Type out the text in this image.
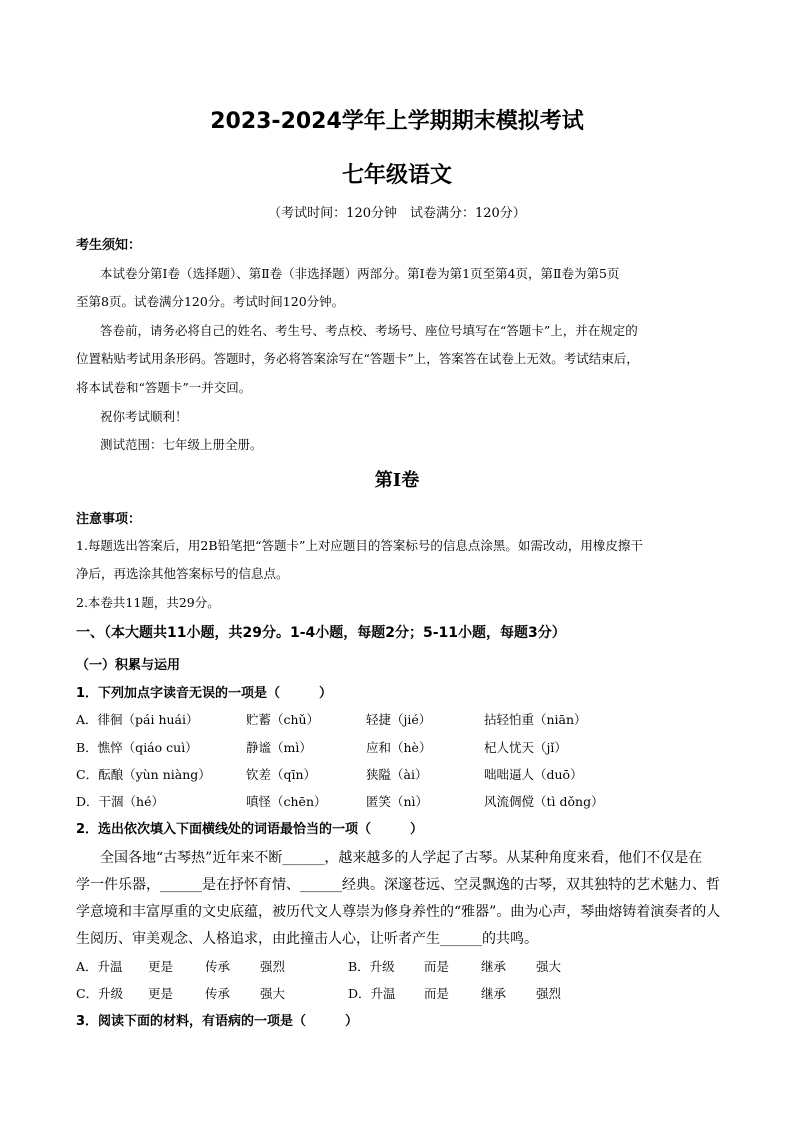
2023-2024学年上学期期末模拟考试
七年级语文
（考试时间：120分钟　试卷满分：120分）
考生须知：
本试卷分第Ⅰ卷（选择题）、第Ⅱ卷（非选择题）两部分。第Ⅰ卷为第1页至第4页，第Ⅱ卷为第5页
至第8页。试卷满分120分。考试时间120分钟。
答卷前，请务必将自己的姓名、考生号、考点校、考场号、座位号填写在“答题卡”上，并在规定的
位置粘贴考试用条形码。答题时，务必将答案涂写在“答题卡”上，答案答在试卷上无效。考试结束后，
将本试卷和“答题卡”一并交回。
祝你考试顺利！
测试范围：七年级上册全册。
第Ⅰ卷
注意事项：
1.每题选出答案后，用2B铅笔把“答题卡”上对应题目的答案标号的信息点涂黑。如需改动，用橡皮擦干
净后，再选涂其他答案标号的信息点。
2.本卷共11题，共29分。
一、（本大题共11小题，共29分。1-4小题，每题2分；5-11小题，每题3分）
（一）积累与运用
1．下列加点字读音无误的一项是（　　　）
A．徘徊（pái huái）	贮蓄（chǔ）	轻捷（jié）	拈轻怕重（niān）
B．憔悴（qiáo cuì）	静谧（mì）	应和（hè）	杞人忧天（jǐ）
C．酝酿（yùn niàng）	钦差（qīn）	狭隘（ài）	咄咄逼人（duō）
D．干涸（hé）	嗔怪（chēn）	匿笑（nì）	风流倜傥（tì dǒng）
2．选出依次填入下面横线处的词语最恰当的一项（　　　）
全国各地“古琴热”近年来不断______，越来越多的人学起了古琴。从某种角度来看，他们不仅是在
学一件乐器，______是在抒怀育情、______经典。深邃苍远、空灵飘逸的古琴，双其独特的艺术魅力、哲
学意境和丰富厚重的文史底蕴，被历代文人尊崇为修身养性的“雅器”。曲为心声，琴曲熔铸着演奏者的人
生阅历、审美观念、人格追求，由此撞击人心，让听者产生______的共鸣。
A．升温 更是	传承 强烈	B．升级 而是	继承 强大
C．升级 更是	传承 强大	D．升温 而是	继承 强烈
3．阅读下面的材料，有语病的一项是（　　　）
